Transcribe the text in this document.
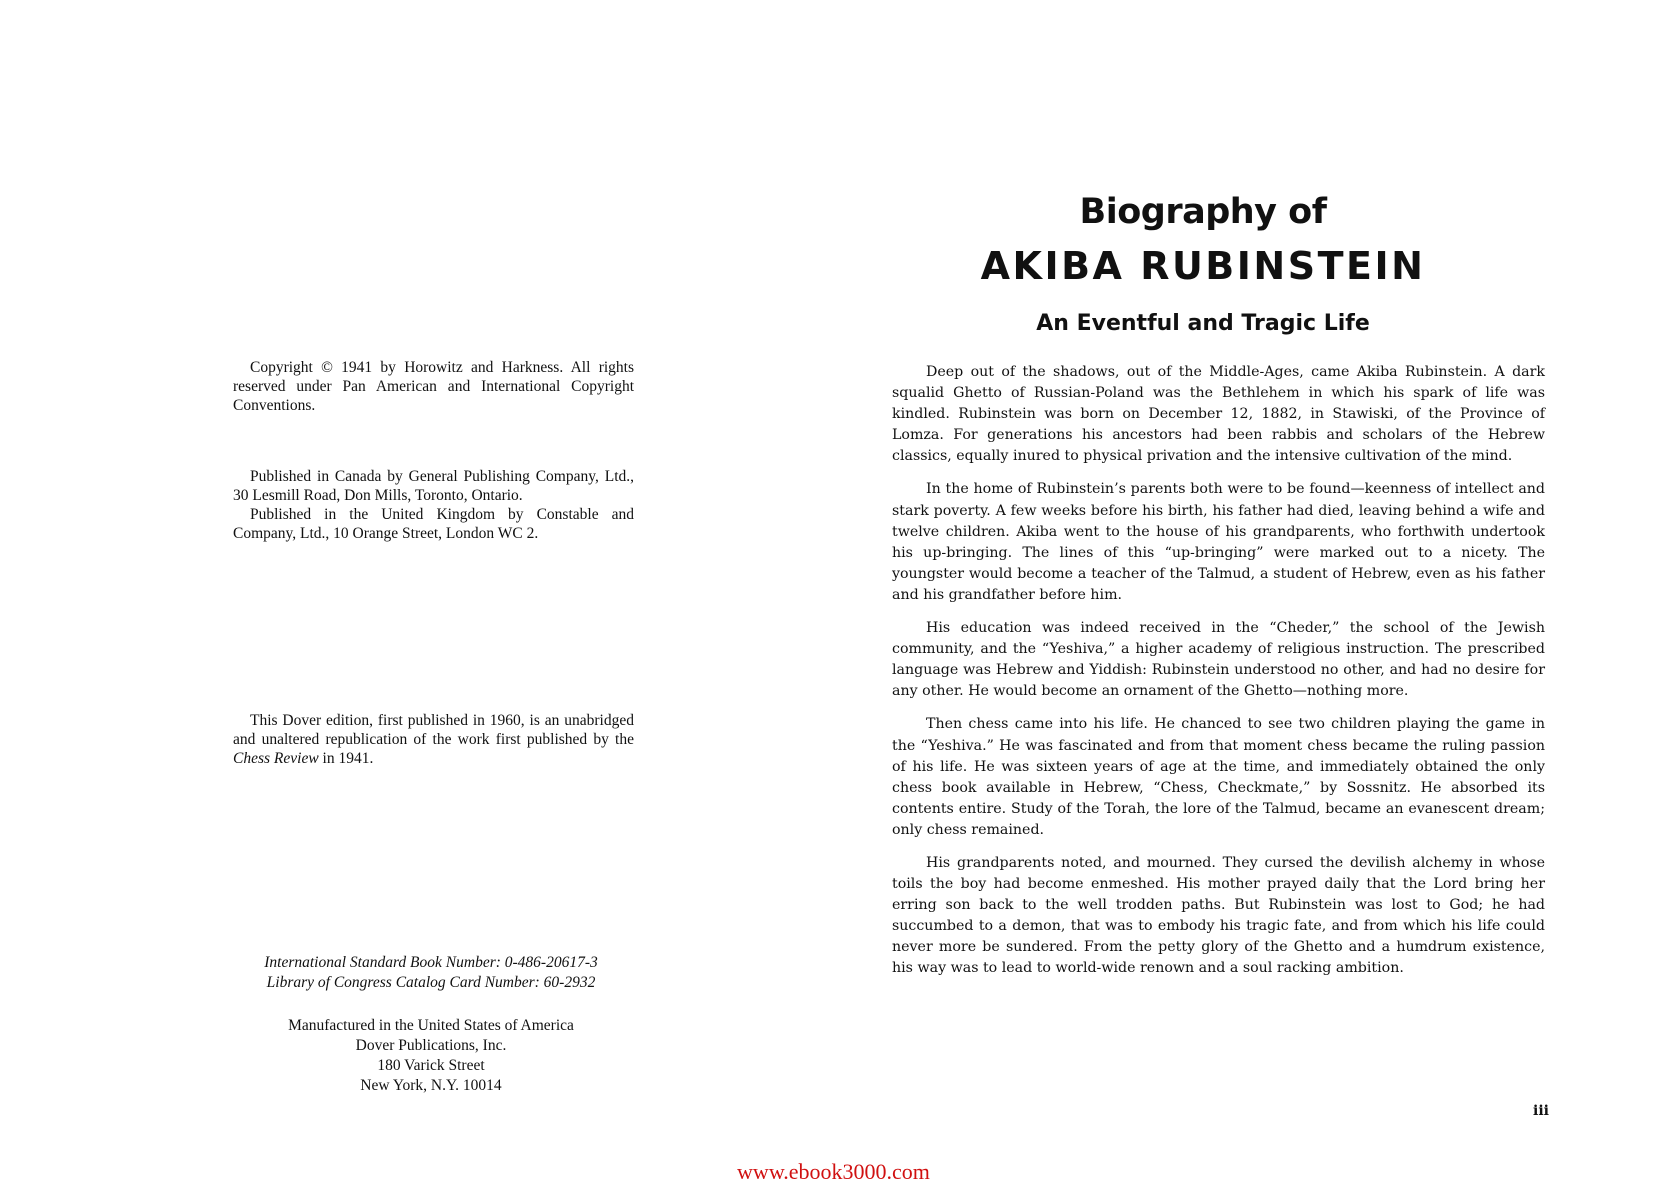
Copyright © 1941 by Horowitz and Harkness. All rights reserved under Pan American and International Copyright Conventions.

Published in Canada by General Publishing Company, Ltd., 30 Lesmill Road, Don Mills, Toronto, Ontario.

Published in the United Kingdom by Constable and Company, Ltd., 10 Orange Street, London WC 2.

This Dover edition, first published in 1960, is an unabridged and unaltered republication of the work first published by the Chess Review in 1941.

International Standard Book Number: 0-486-20617-3
Library of Congress Catalog Card Number: 60-2932
Manufactured in the United States of America
Dover Publications, Inc.
180 Varick Street
New York, N.Y. 10014
Biography of
AKIBA RUBINSTEIN
An Eventful and Tragic Life

Deep out of the shadows, out of the Middle-Ages, came Akiba Rubinstein. A dark squalid Ghetto of Russian-Poland was the Bethlehem in which his spark of life was kindled. Rubinstein was born on December 12, 1882, in Stawiski, of the Province of Lomza. For generations his ancestors had been rabbis and scholars of the Hebrew classics, equally inured to physical privation and the intensive cultivation of the mind.

In the home of Rubinstein’s parents both were to be found—keenness of intellect and stark poverty. A few weeks before his birth, his father had died, leaving behind a wife and twelve children. Akiba went to the house of his grandparents, who forthwith undertook his up-bringing. The lines of this “up-bringing” were marked out to a nicety. The youngster would become a teacher of the Talmud, a student of Hebrew, even as his father and his grandfather before him.

His education was indeed received in the “Cheder,” the school of the Jewish community, and the “Yeshiva,” a higher academy of religious instruction. The prescribed language was Hebrew and Yiddish: Rubinstein understood no other, and had no desire for any other. He would become an ornament of the Ghetto—nothing more.

Then chess came into his life. He chanced to see two children playing the game in the “Yeshiva.” He was fascinated and from that moment chess became the ruling passion of his life. He was sixteen years of age at the time, and immediately obtained the only chess book available in Hebrew, “Chess, Checkmate,” by Sossnitz. He absorbed its contents entire. Study of the Torah, the lore of the Talmud, became an evanescent dream; only chess remained.

His grandparents noted, and mourned. They cursed the devilish alchemy in whose toils the boy had become enmeshed. His mother prayed daily that the Lord bring her erring son back to the well trodden paths. But Rubinstein was lost to God; he had succumbed to a demon, that was to embody his tragic fate, and from which his life could never more be sundered. From the petty glory of the Ghetto and a humdrum existence, his way was to lead to world-wide renown and a soul racking ambition.

iii
www.ebook3000.com
